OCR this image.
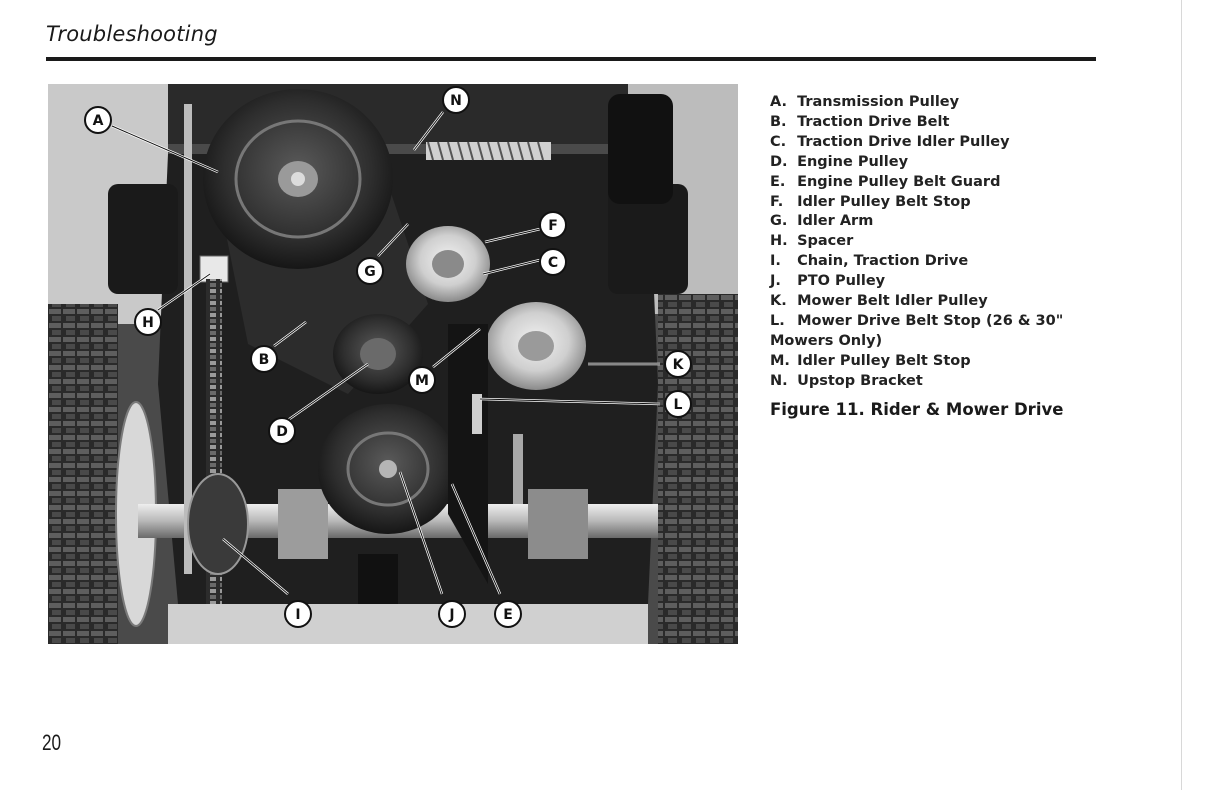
Troubleshooting
A
N
F
C
G
H
B
M
D
K
L
I	J	E
A. Transmission Pulley
B. Traction Drive Belt
C. Traction Drive Idler Pulley
D. Engine Pulley
E. Engine Pulley Belt Guard
F. Idler Pulley Belt Stop
G. Idler Arm
H. Spacer
I. Chain, Traction Drive
J. PTO Pulley
K. Mower Belt Idler Pulley
L. Mower Drive Belt Stop (26 & 30" Mowers Only)
M. Idler Pulley Belt Stop
N. Upstop Bracket
Figure 11. Rider & Mower Drive
20
